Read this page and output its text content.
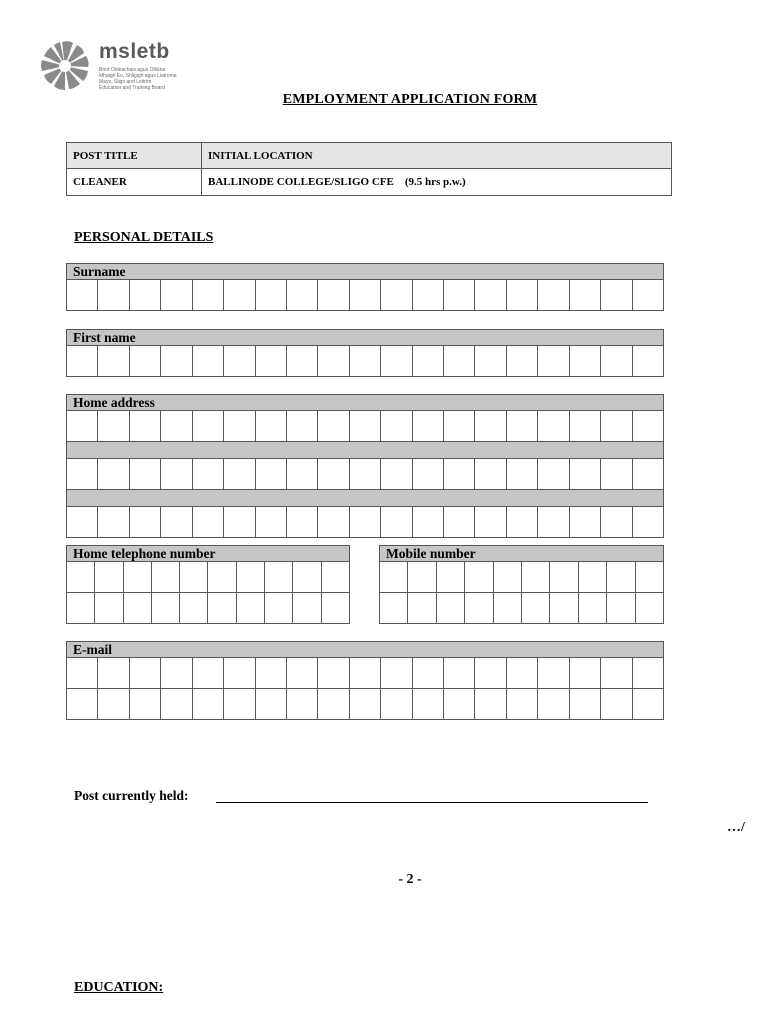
msletb
Bord Oideachais agus Oiliúna
Mhaigh Eo, Shligigh agus Liatroma
Mayo, Sligo and Leitrim
Education and Training Board
EMPLOYMENT APPLICATION FORM
POST TITLE	INITIAL LOCATION
CLEANER	BALLINODE COLLEGE/SLIGO CFE    (9.5 hrs p.w.)
PERSONAL DETAILS
Surname
First name
Home address
Home telephone number	Mobile number
E-mail
Post currently held:
…/
- 2 -
EDUCATION:
